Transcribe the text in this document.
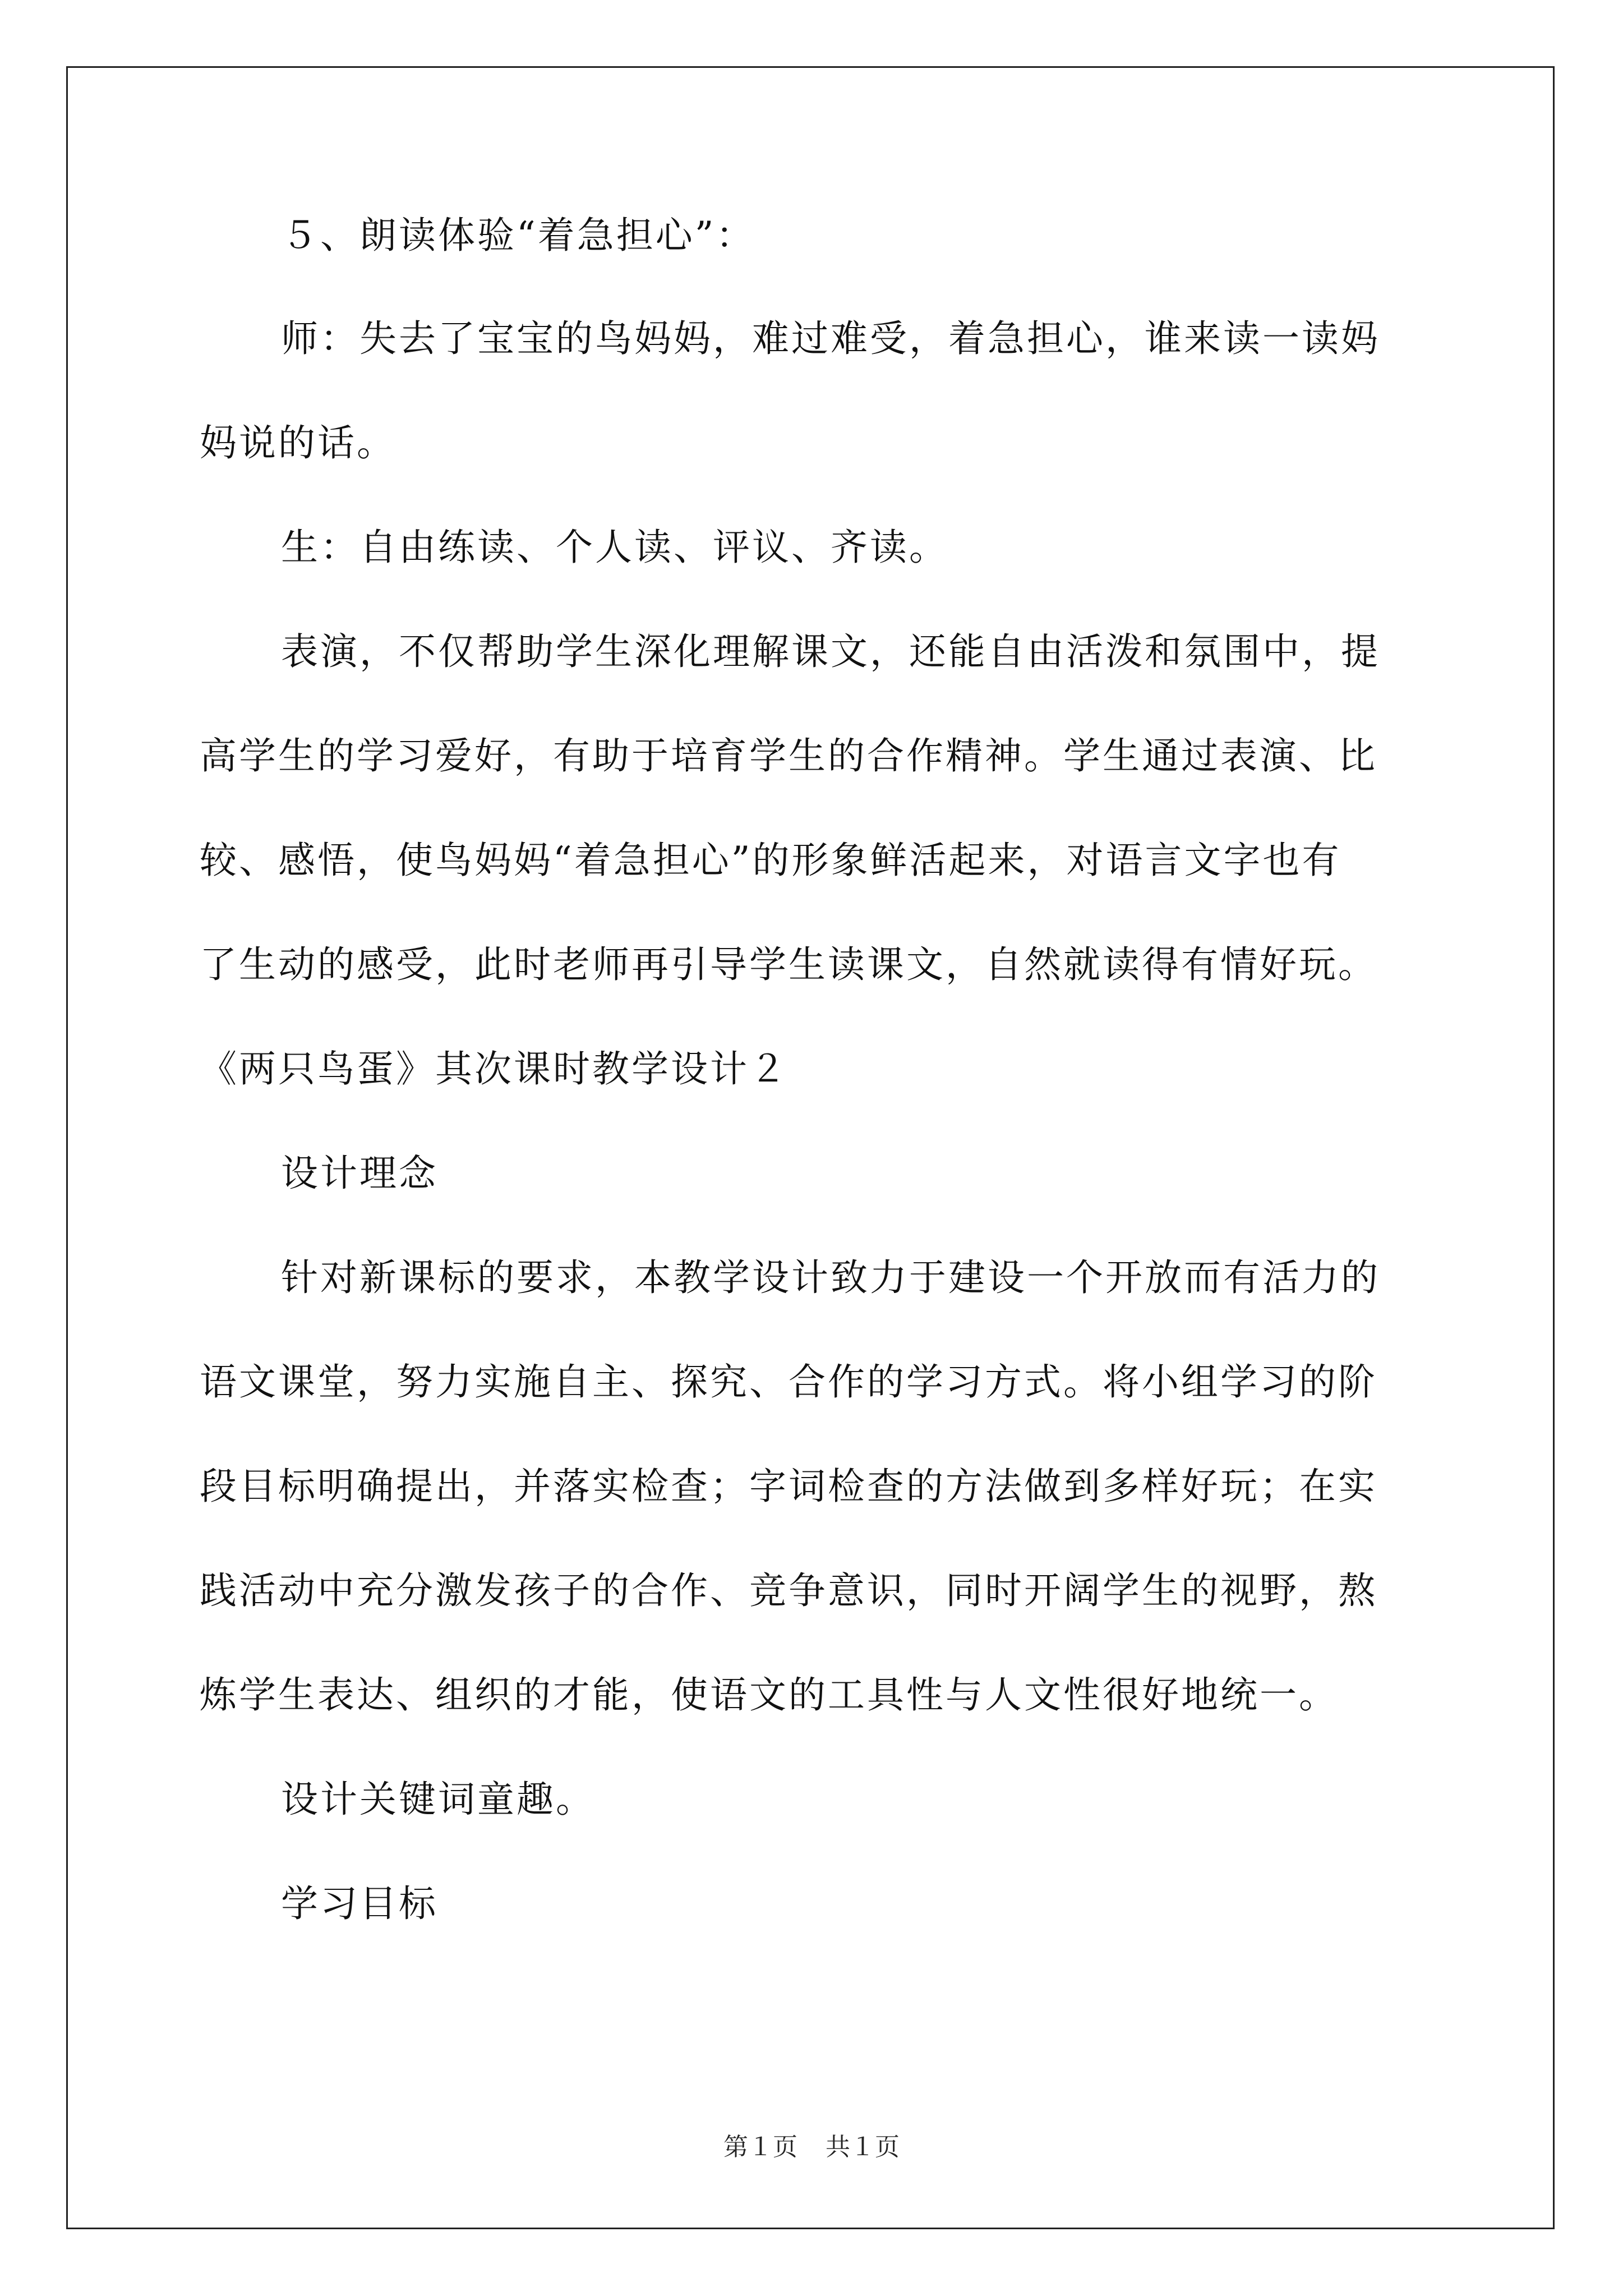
５、朗读体验“着急担心”：
师：失去了宝宝的鸟妈妈，难过难受，着急担心，谁来读一读妈
妈说的话。
生：自由练读、个人读、评议、齐读。
表演，不仅帮助学生深化理解课文，还能自由活泼和氛围中，提
高学生的学习爱好，有助于培育学生的合作精神。学生通过表演、比
较、感悟，使鸟妈妈“着急担心”的形象鲜活起来，对语言文字也有
了生动的感受，此时老师再引导学生读课文，自然就读得有情好玩。
《两只鸟蛋》其次课时教学设计２
设计理念
针对新课标的要求，本教学设计致力于建设一个开放而有活力的
语文课堂，努力实施自主、探究、合作的学习方式。将小组学习的阶
段目标明确提出，并落实检查；字词检查的方法做到多样好玩；在实
践活动中充分激发孩子的合作、竞争意识，同时开阔学生的视野，熬
炼学生表达、组织的才能，使语文的工具性与人文性很好地统一。
设计关键词童趣。
学习目标
第１页 共１页
